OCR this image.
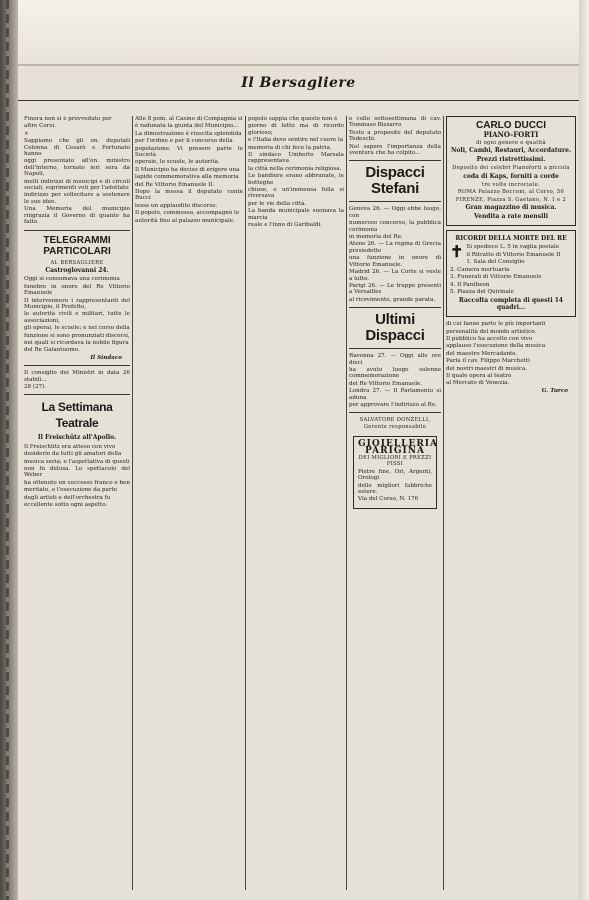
Il Bersagliere

Finora non si è provveduto per

altre Corsi.

×

Sappiamo che gli on. deputati Colonna di Cesarò e Fortunato hanno

oggi presentato all'on. ministro dell'interno, tornato ieri sera da Napoli,

molti indirizzi di municipi e di circoli sociali, esprimenti voti per l'adottato

indirizzo per sollecitare a sostenere le sue idee.

Una Memoria del municipio ringrazia il Governo di quanto ha fatto.

TELEGRAMMI PARTICOLARI
AL BERSAGLIERE
Castroglovanni 24.

Oggi si consumava una cerimonia

funebre in onore del Re Vittorio Emanuele

II intervennero i rappresentanti del Municipio, il Prefetto,

le autorità civili e militari, tutte le associazioni,

gli operai, le scuole; e nel corso della

funzione si sono pronunziati discorsi,

nei quali si ricordava la nobile figura

del Re Galantuomo.

Il Sindaco

Il consiglio dei Ministri in data 26 stabilì...

28 (27).

La Settimana Teatrale
Il Freischütz all'Apollo.

Il Freischütz era atteso con vivo

desiderio da tutti gli amatori della

musica seria; e l'aspettativa di questi

non fu delusa. Lo spettacolo del Weber

ha ottenuto un successo franco e ben

meritato, e l'esecuzione da parte

degli artisti e dell'orchestra fu

eccellente sotto ogni aspetto.

Alle 8 pom. al Casino di Compagnia si

è radunata la giunta del Municipio...

La dimostrazione è riuscita splendida

per l'ordine e per il concorso della

popolazione. Vi presero parte le Società

operaie, le scuole, le autorità.

Il Municipio ha deciso di erigere una

lapide commemorativa alla memoria

del Re Vittorio Emanuele II.

Dopo la messa il deputato conte Bucci

lesse un applaudito discorso.

Il popolo, commosso, accompagnò le

autorità fino al palazzo municipale.

popolo sappia che questo non è

giorno di lutto ma di ricordo glorioso;

e l'Italia deve sentire nel cuore la

memoria di chi fece la patria.

Il sindaco Umberto Marsala rappresentava

la città nella cerimonia religiosa.

Le bandiere erano abbrunate, le botteghe

chiuse, e un'immensa folla si riversava

per le vie della città.

La banda municipale suonava la marcia

reale e l'inno di Garibaldi.

e collo sottosettimana di cav. Tommaso Bizzarro

Testo a proposito del deputato Tedeschi.

Nel sapere l'importanza della sventura che ha colpito...

Dispacci Stefani

Genova 26. — Oggi ebbe luogo, con

numeroso concorso, la pubblica cerimonia

in memoria del Re.

Atene 26. — La regina di Grecia presiedette

una funzione in onore di Vittorio Emanuele.

Madrid 26. — La Corte si veste a lutto.

Parigi 26. — Le truppe presenti a Versailles

al ricevimento, grande parata.

Ultimi Dispacci

Ravenna 27. — Oggi alle ore dieci

ha avuto luogo solenne commemorazione

del Re Vittorio Emanuele.

Londra 27. — Il Parlamento si aduna

per approvare l'indirizzo al Re.

SALVATORE DONZELLI, Gerente responsabile
GIOIELLERIA PARIGINA
DEI MIGLIORI E PREZZI FISSI

Pietre fine, Ori, Argenti, Orologi

delle migliori fabbriche estere.

Via del Corso, N. 176

CARLO DUCCI
PIANO-FORTI
di ogni genere e qualità
Noli, Cambi, Restauri, Accordature.
Prezzi ristrettissimi.
Deposito dei celebri Pianoforti a piccola
coda di Kaps, forniti a corde
tre volte incrociate.
ROMA Palazzo Bocconi, al Corso, 56
FIRENZE, Piazza S. Gaetano, N. 1 e 2
Gran magazzino di musica.
Vendita a rate mensili
RICORDI DELLA MORTE DEL RE
✝ Si spedisce L. 5 in vaglia postale

il Ritratto di Vittorio Emanuele II

1. Sala del Consiglio

2. Camera mortuaria

3. Funerali di Vittorio Emanuele

4. Il Pantheon

5. Piazza del Quirinale

Raccolta completa di questi 14 quadri...

di cui fanno parte le più importanti

personalità del mondo artistico.

Il pubblico ha accolto con vivo

applauso l'esecuzione della musica

del maestro Mercadante.

Parla il cav. Filippo Marchetti

dei nostri maestri di musica.

Il quale opera al teatro

al Mercato di Venezia.

G. Turco
